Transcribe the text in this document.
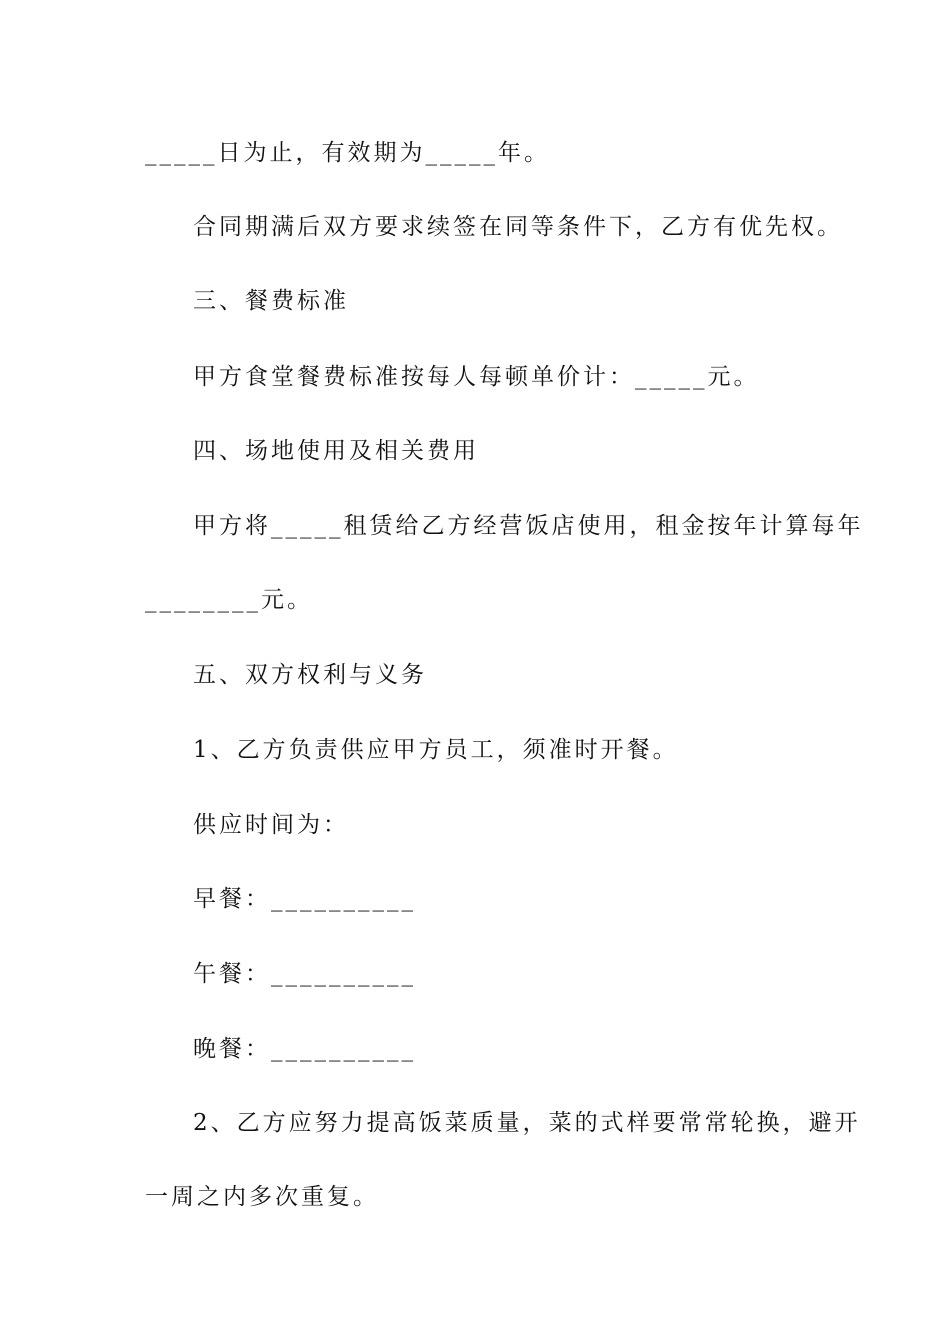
_____日为止，有效期为_____年。
合同期满后双方要求续签在同等条件下，乙方有优先权。
三、餐费标准
甲方食堂餐费标准按每人每顿单价计：_____元。
四、场地使用及相关费用
甲方将_____租赁给乙方经营饭店使用，租金按年计算每年
________元。
五、双方权利与义务
1、乙方负责供应甲方员工，须准时开餐。
供应时间为：
早餐：__________
午餐：__________
晚餐：__________
2、乙方应努力提高饭菜质量，菜的式样要常常轮换，避开
一周之内多次重复。
